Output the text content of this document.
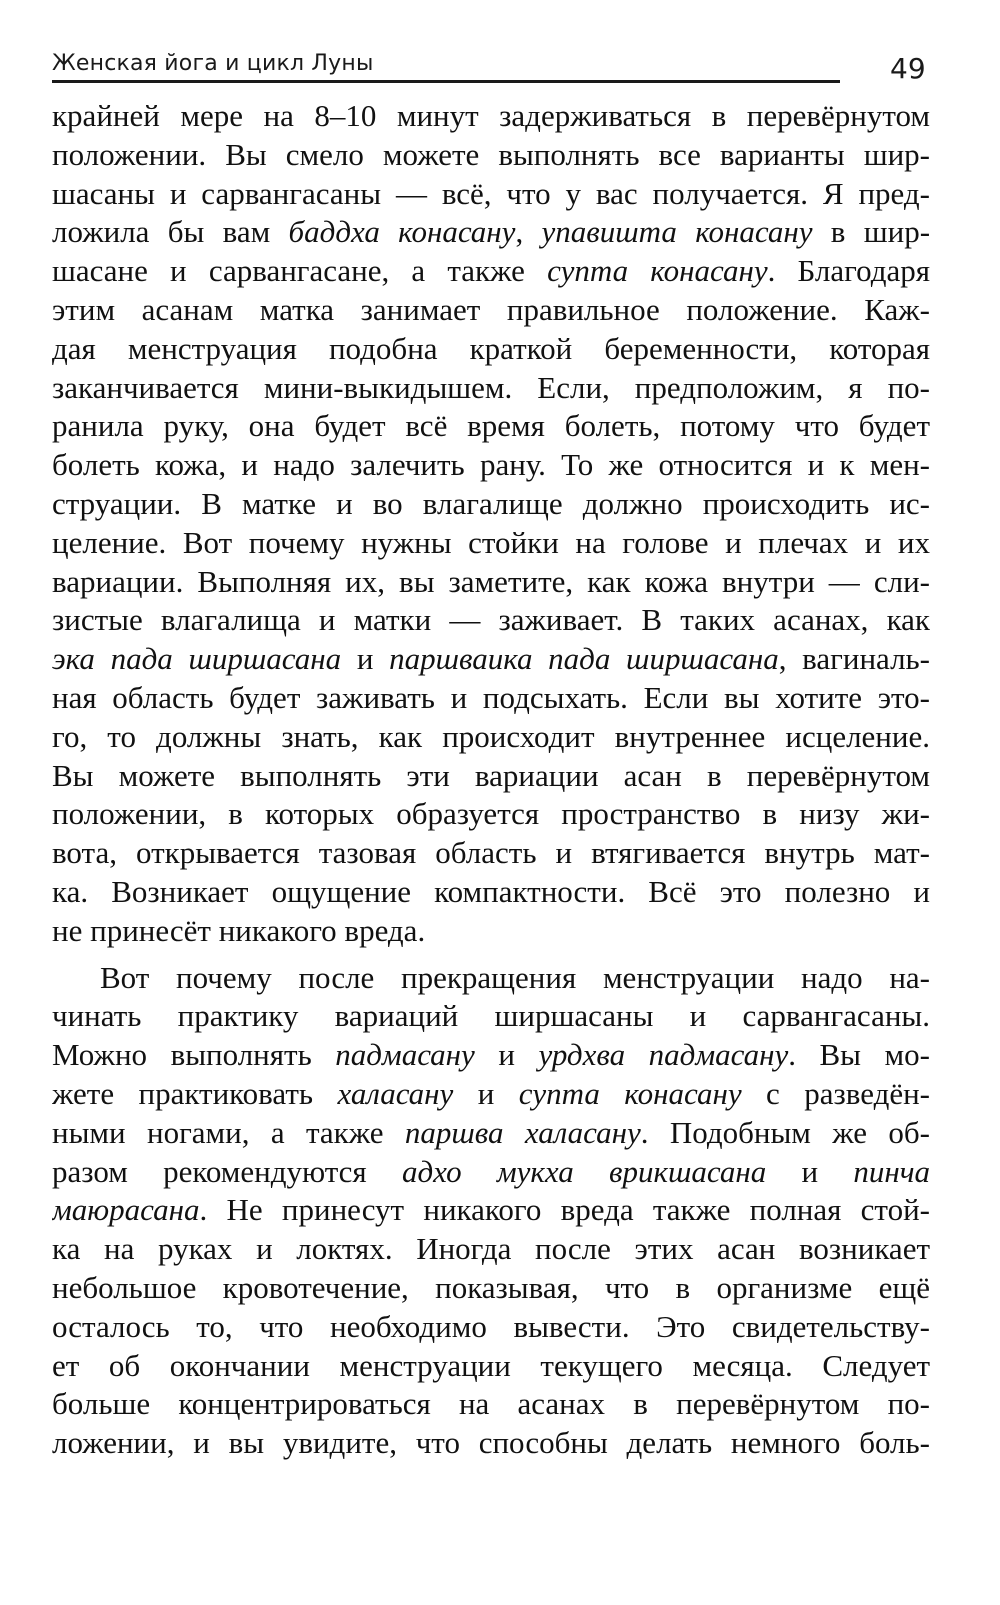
Женская йога и цикл Луны	49
крайней мере на 8–10 минут задерживаться в перевёрнутом
положении. Вы смело можете выполнять все варианты шир-
шасаны и сарвангасаны — всё, что у вас получается. Я пред-
ложила бы вам баддха конасану, упавишта конасану в шир-
шасане и сарвангасане, а также супта конасану. Благодаря
этим асанам матка занимает правильное положение. Каж-
дая менструация подобна краткой беременности, которая
заканчивается мини-выкидышем. Если, предположим, я по-
ранила руку, она будет всё время болеть, потому что будет
болеть кожа, и надо залечить рану. То же относится и к мен-
струации. В матке и во влагалище должно происходить ис-
целение. Вот почему нужны стойки на голове и плечах и их
вариации. Выполняя их, вы заметите, как кожа внутри — сли-
зистые влагалища и матки — заживает. В таких асанах, как
эка пада ширшасана и паршваика пада ширшасана, вагиналь-
ная область будет заживать и подсыхать. Если вы хотите это-
го, то должны знать, как происходит внутреннее исцеление.
Вы можете выполнять эти вариации асан в перевёрнутом
положении, в которых образуется пространство в низу жи-
вота, открывается тазовая область и втягивается внутрь мат-
ка. Возникает ощущение компактности. Всё это полезно и
не принесёт никакого вреда.
Вот почему после прекращения менструации надо на-
чинать практику вариаций ширшасаны и сарвангасаны.
Можно выполнять падмасану и урдхва падмасану. Вы мо-
жете практиковать халасану и супта конасану с разведён-
ными ногами, а также паршва халасану. Подобным же об-
разом рекомендуются адхо мукха врикшасана и пинча
маюрасана. Не принесут никакого вреда также полная стой-
ка на руках и локтях. Иногда после этих асан возникает
небольшое кровотечение, показывая, что в организме ещё
осталось то, что необходимо вывести. Это свидетельству-
ет об окончании менструации текущего месяца. Следует
больше концентрироваться на асанах в перевёрнутом по-
ложении, и вы увидите, что способны делать немного боль-
